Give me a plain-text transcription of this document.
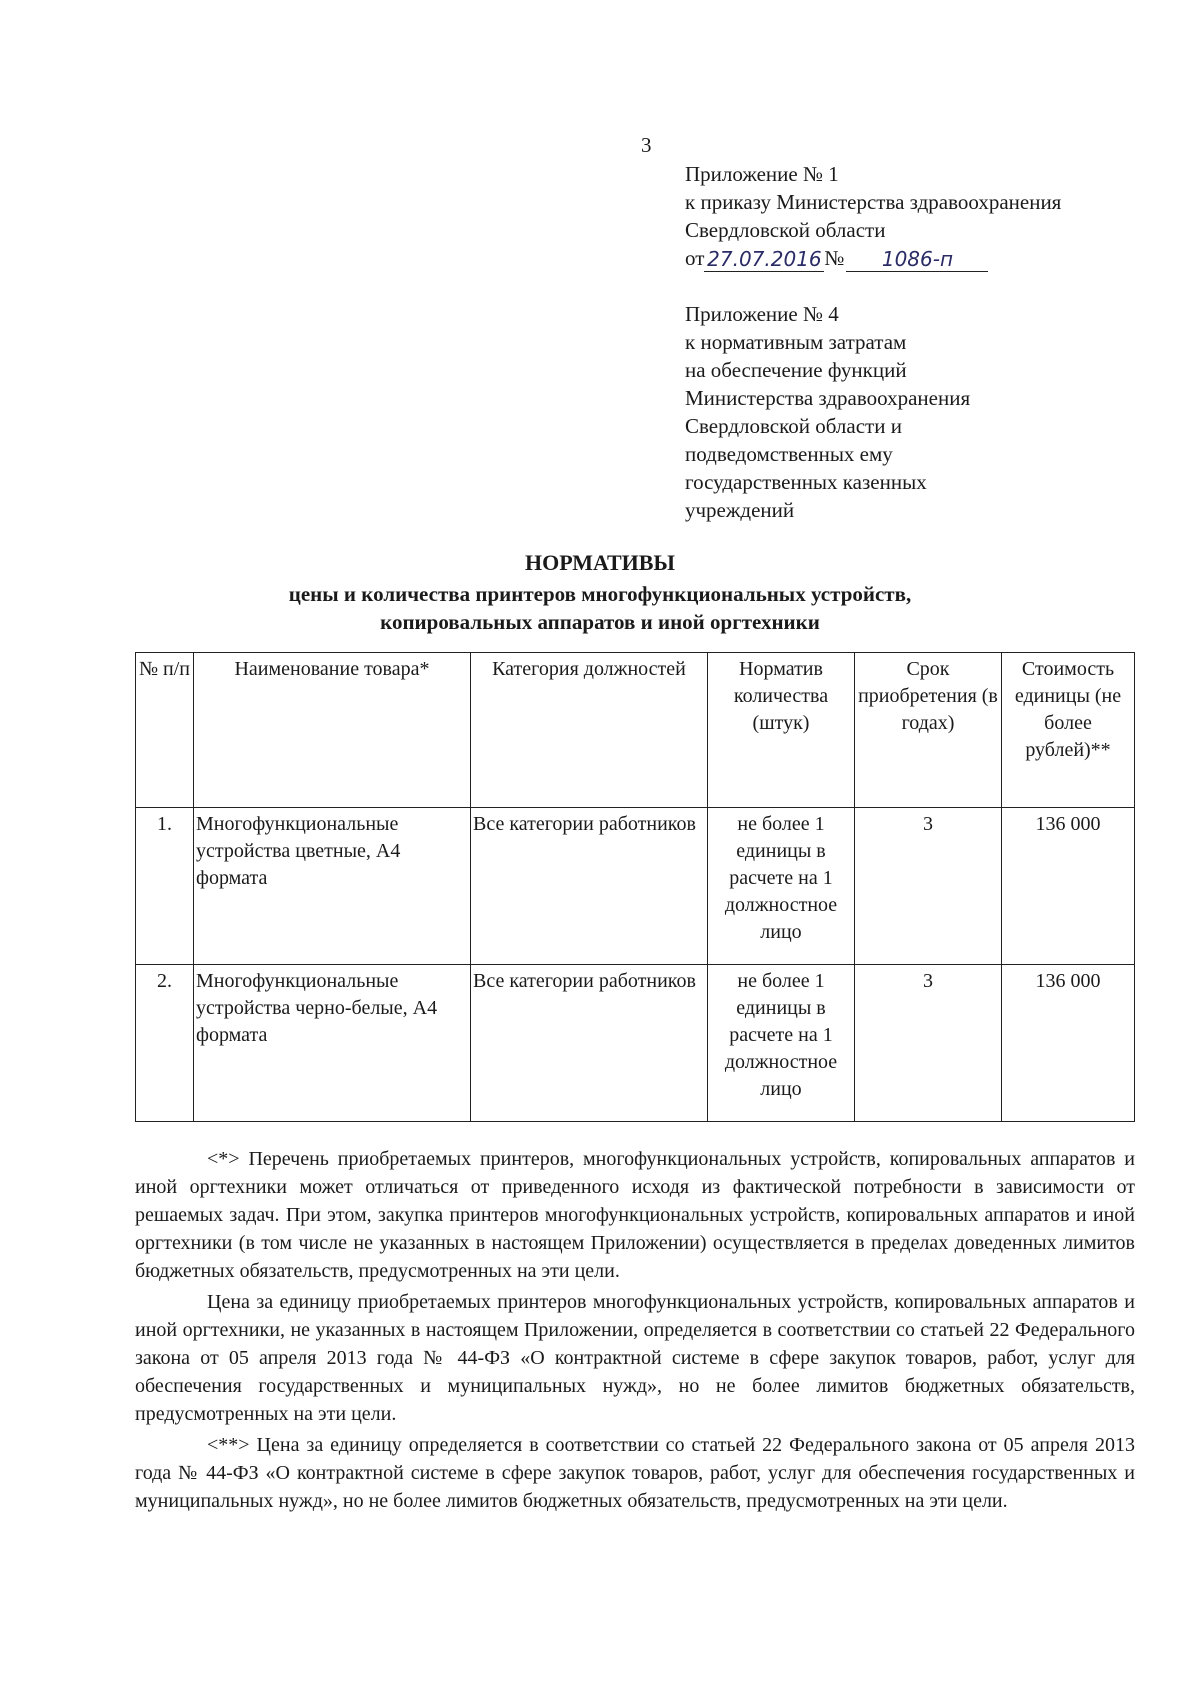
3
Приложение № 1
к приказу Министерства здравоохранения
Свердловской области
от 27.07.2016 №	1086-п
Приложение № 4
к нормативным затратам
на обеспечение функций
Министерства здравоохранения
Свердловской области и
подведомственных ему
государственных казенных
учреждений
НОРМАТИВЫ
цены и количества принтеров многофункциональных устройств,
копировальных аппаратов и иной оргтехники
№ п/п	Наименование товара*	Категория должностей	Норматив количества (штук)	Срок приобретения (в годах)	Стоимость единицы (не более рублей)**
1.	Многофункциональные устройства цветные, А4 формата	Все категории работников	не более 1 единицы в расчете на 1 должностное лицо	3	136 000
2.	Многофункциональные устройства черно-белые, А4 формата	Все категории работников	не более 1 единицы в расчете на 1 должностное лицо	3	136 000

<*> Перечень приобретаемых принтеров, многофункциональных устройств, копировальных аппаратов и иной оргтехники может отличаться от приведенного исходя из фактической потребности в зависимости от решаемых задач. При этом, закупка принтеров многофункциональных устройств, копировальных аппаратов и иной оргтехники (в том числе не указанных в настоящем Приложении) осуществляется в пределах доведенных лимитов бюджетных обязательств, предусмотренных на эти цели.

Цена за единицу приобретаемых принтеров многофункциональных устройств, копировальных аппаратов и иной оргтехники, не указанных в настоящем Приложении, определяется в соответствии со статьей 22 Федерального закона от 05 апреля 2013 года № 44-ФЗ «О контрактной системе в сфере закупок товаров, работ, услуг для обеспечения государственных и муниципальных нужд», но не более лимитов бюджетных обязательств, предусмотренных на эти цели.

<**> Цена за единицу определяется в соответствии со статьей 22 Федерального закона от 05 апреля 2013 года № 44-ФЗ «О контрактной системе в сфере закупок товаров, работ, услуг для обеспечения государственных и муниципальных нужд», но не более лимитов бюджетных обязательств, предусмотренных на эти цели.
